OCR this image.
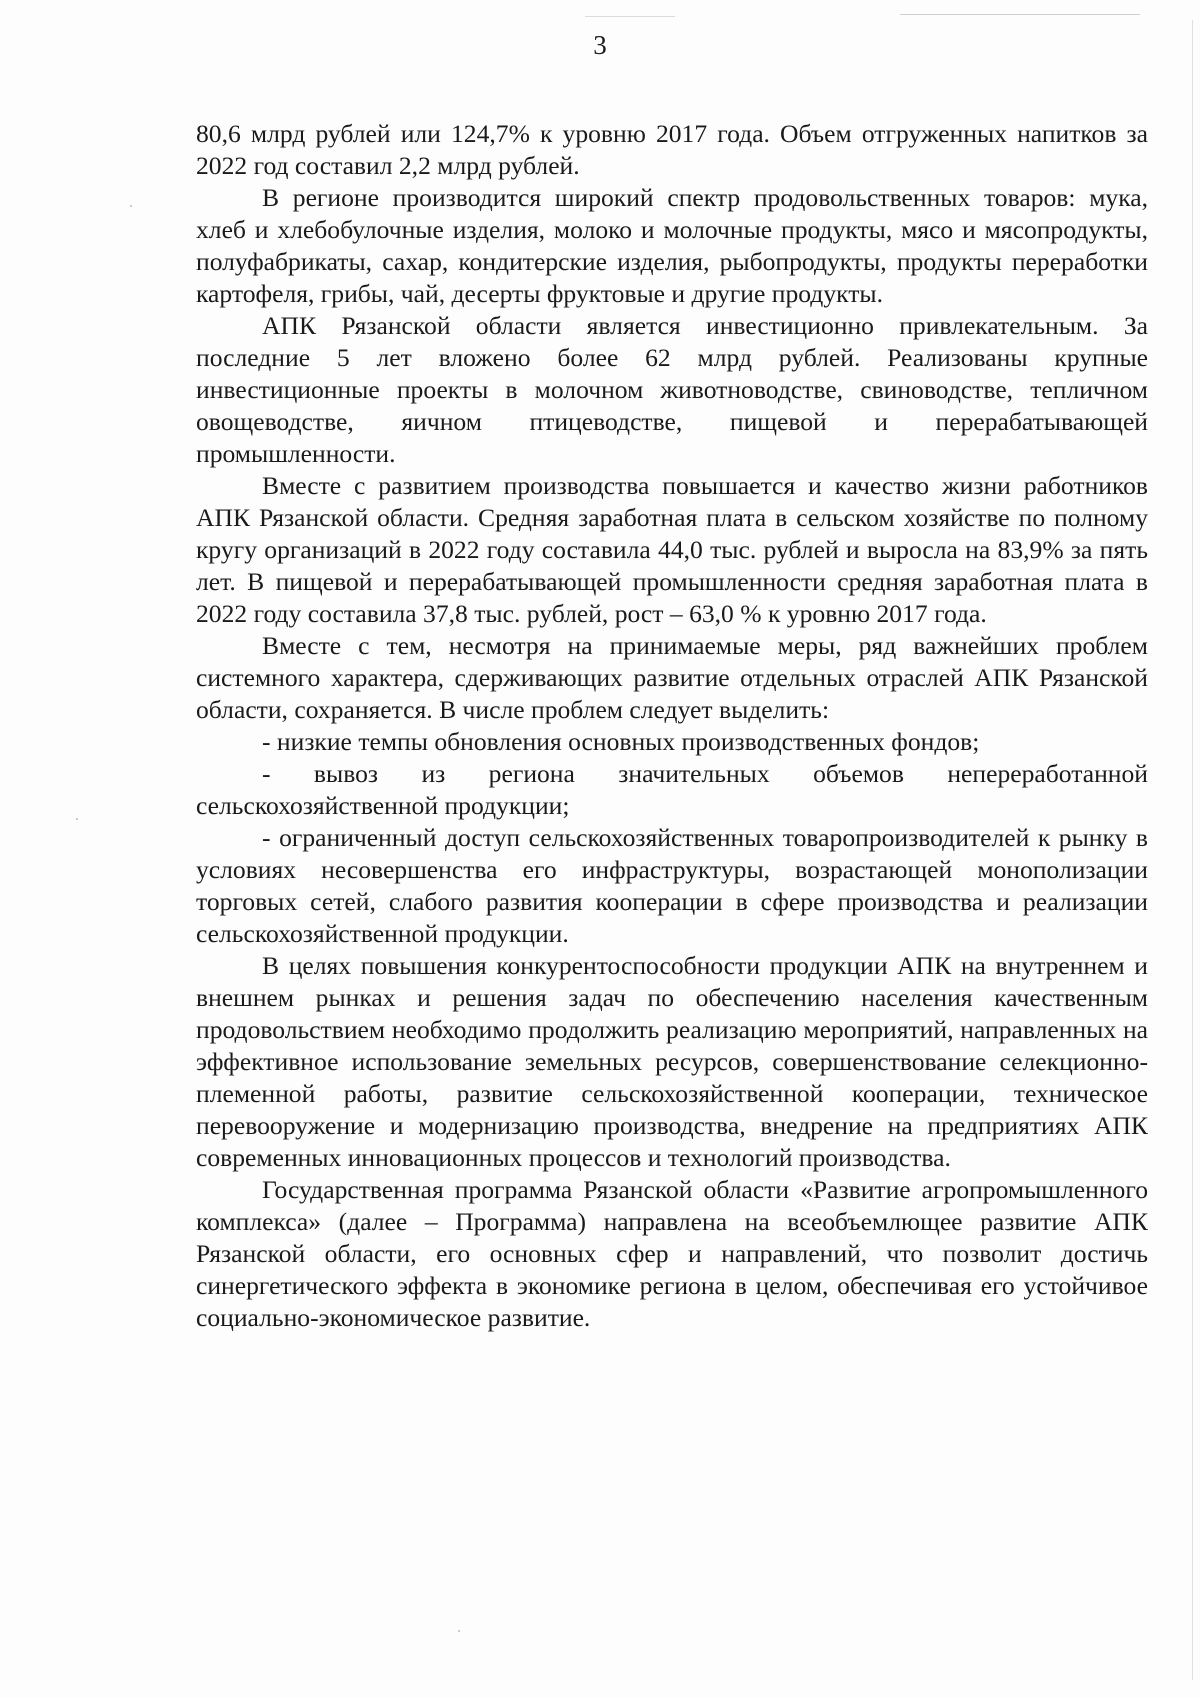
3

80,6 млрд рублей или 124,7% к уровню 2017 года. Объем отгруженных напитков за 2022 год составил 2,2 млрд рублей.

В регионе производится широкий спектр продовольственных товаров: мука, хлеб и хлебобулочные изделия, молоко и молочные продукты, мясо и мясопродукты, полуфабрикаты, сахар, кондитерские изделия, рыбопродукты, продукты переработки картофеля, грибы, чай, десерты фруктовые и другие продукты.

АПК Рязанской области является инвестиционно привлекательным. За последние 5 лет вложено более 62 млрд рублей. Реализованы крупные инвестиционные проекты в молочном животноводстве, свиноводстве, тепличном овощеводстве, яичном птицеводстве, пищевой и перерабатывающей промышленности.

Вместе с развитием производства повышается и качество жизни работников АПК Рязанской области. Средняя заработная плата в сельском хозяйстве по полному кругу организаций в 2022 году составила 44,0 тыс. рублей и выросла на 83,9% за пять лет. В пищевой и перерабатывающей промышленности средняя заработная плата в 2022 году составила 37,8 тыс. рублей, рост – 63,0 % к уровню 2017 года.

Вместе с тем, несмотря на принимаемые меры, ряд важнейших проблем системного характера, сдерживающих развитие отдельных отраслей АПК Рязанской области, сохраняется. В числе проблем следует выделить:

- низкие темпы обновления основных производственных фондов;

- вывоз из региона значительных объемов непереработанной сельскохозяйственной продукции;

- ограниченный доступ сельскохозяйственных товаропроизводителей к рынку в условиях несовершенства его инфраструктуры, возрастающей монополизации торговых сетей, слабого развития кооперации в сфере производства и реализации сельскохозяйственной продукции.

В целях повышения конкурентоспособности продукции АПК на внутреннем и внешнем рынках и решения задач по обеспечению населения качественным продовольствием необходимо продолжить реализацию мероприятий, направленных на эффективное использование земельных ресурсов, совершенствование селекционно-племенной работы, развитие сельскохозяйственной кооперации, техническое перевооружение и модернизацию производства, внедрение на предприятиях АПК современных инновационных процессов и технологий производства.

Государственная программа Рязанской области «Развитие агропромышленного комплекса» (далее – Программа) направлена на всеобъемлющее развитие АПК Рязанской области, его основных сфер и направлений, что позволит достичь синергетического эффекта в экономике региона в целом, обеспечивая его устойчивое социально-экономическое развитие.
